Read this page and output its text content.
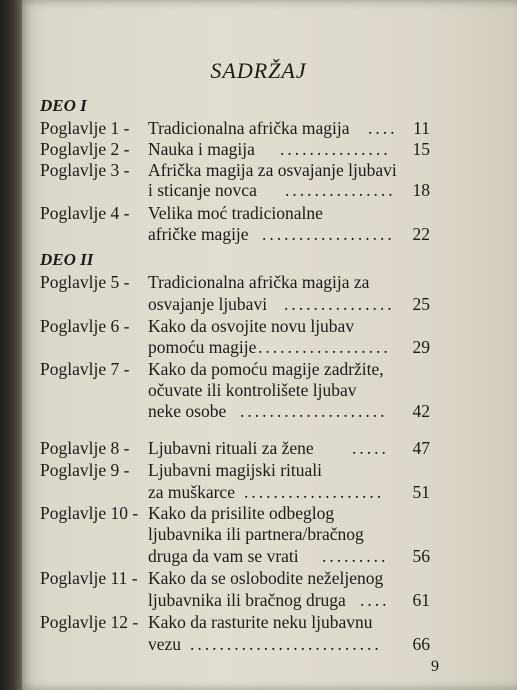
SADRŽAJ
DEO I
Poglavlje 1 - Tradicionalna afrička magija .... 11
Poglavlje 2 - Nauka i magija ...............	15
Poglavlje 3 - Afrička magija za osvajanje ljubavi
i sticanje novca ............... 18
Poglavlje 4 - Velika moć tradicionalne
afričke magije ..................	22
DEO II
Poglavlje 5 - Tradicionalna afrička magija za
osvajanje ljubavi ...............	25
Poglavlje 6 - Kako da osvojite novu ljubav
pomoću magije ..................	29
Poglavlje 7 - Kako da pomoću magije zadržite,
očuvate ili kontrolišete ljubav
neke osobe ....................	42
Poglavlje 8 - Ljubavni rituali za žene .....	47
Poglavlje 9 - Ljubavni magijski rituali
za muškarce ...................	51
Poglavlje 10 - Kako da prisilite odbeglog
ljubavnika ili partnera/bračnog
druga da vam se vrati .........	56
Poglavlje 11 - Kako da se oslobodite neželjenog
ljubavnika ili bračnog druga ....	61
Poglavlje 12 - Kako da rasturite neku ljubavnu
vezu ..........................	66
9
